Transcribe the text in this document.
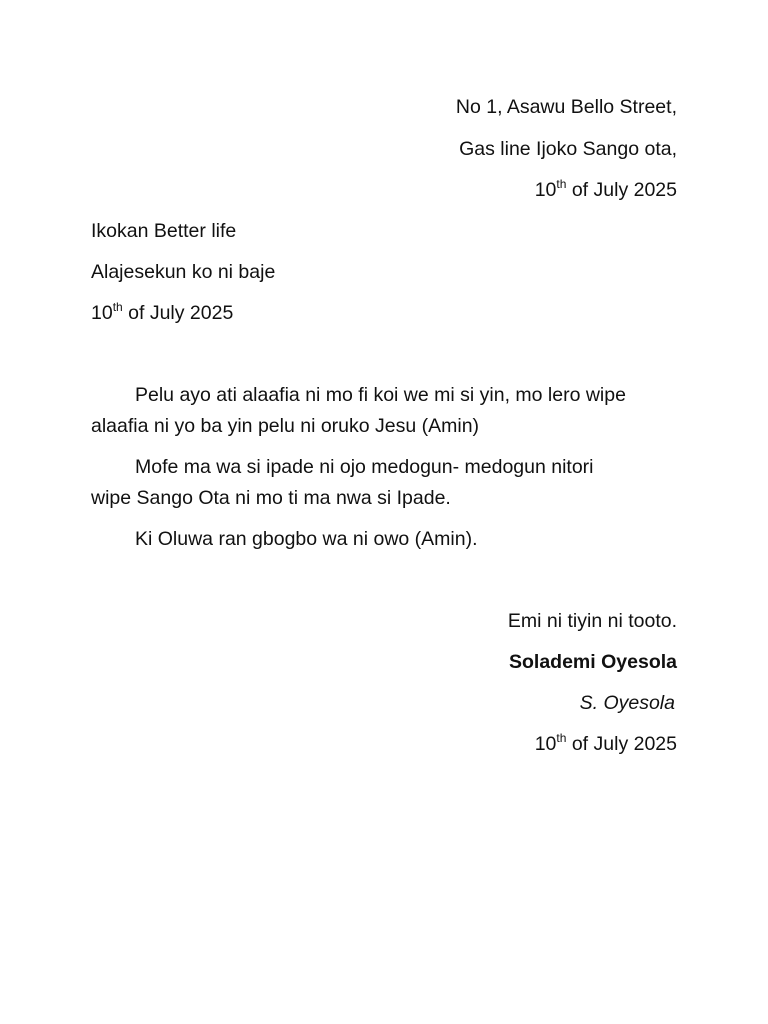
No 1, Asawu Bello Street,
Gas line Ijoko Sango ota,
10th of July 2025
Ikokan Better life
Alajesekun ko ni baje
10th of July 2025
Pelu ayo ati alaafia ni mo fi koi we mi si yin, mo lero wipe
alaafia ni yo ba yin pelu ni oruko Jesu (Amin)
Mofe ma wa si ipade ni ojo medogun- medogun nitori
wipe Sango Ota ni mo ti ma nwa si Ipade.
Ki Oluwa ran gbogbo wa ni owo (Amin).
Emi ni tiyin ni tooto.
Solademi Oyesola
S. Oyesola
10th of July 2025
